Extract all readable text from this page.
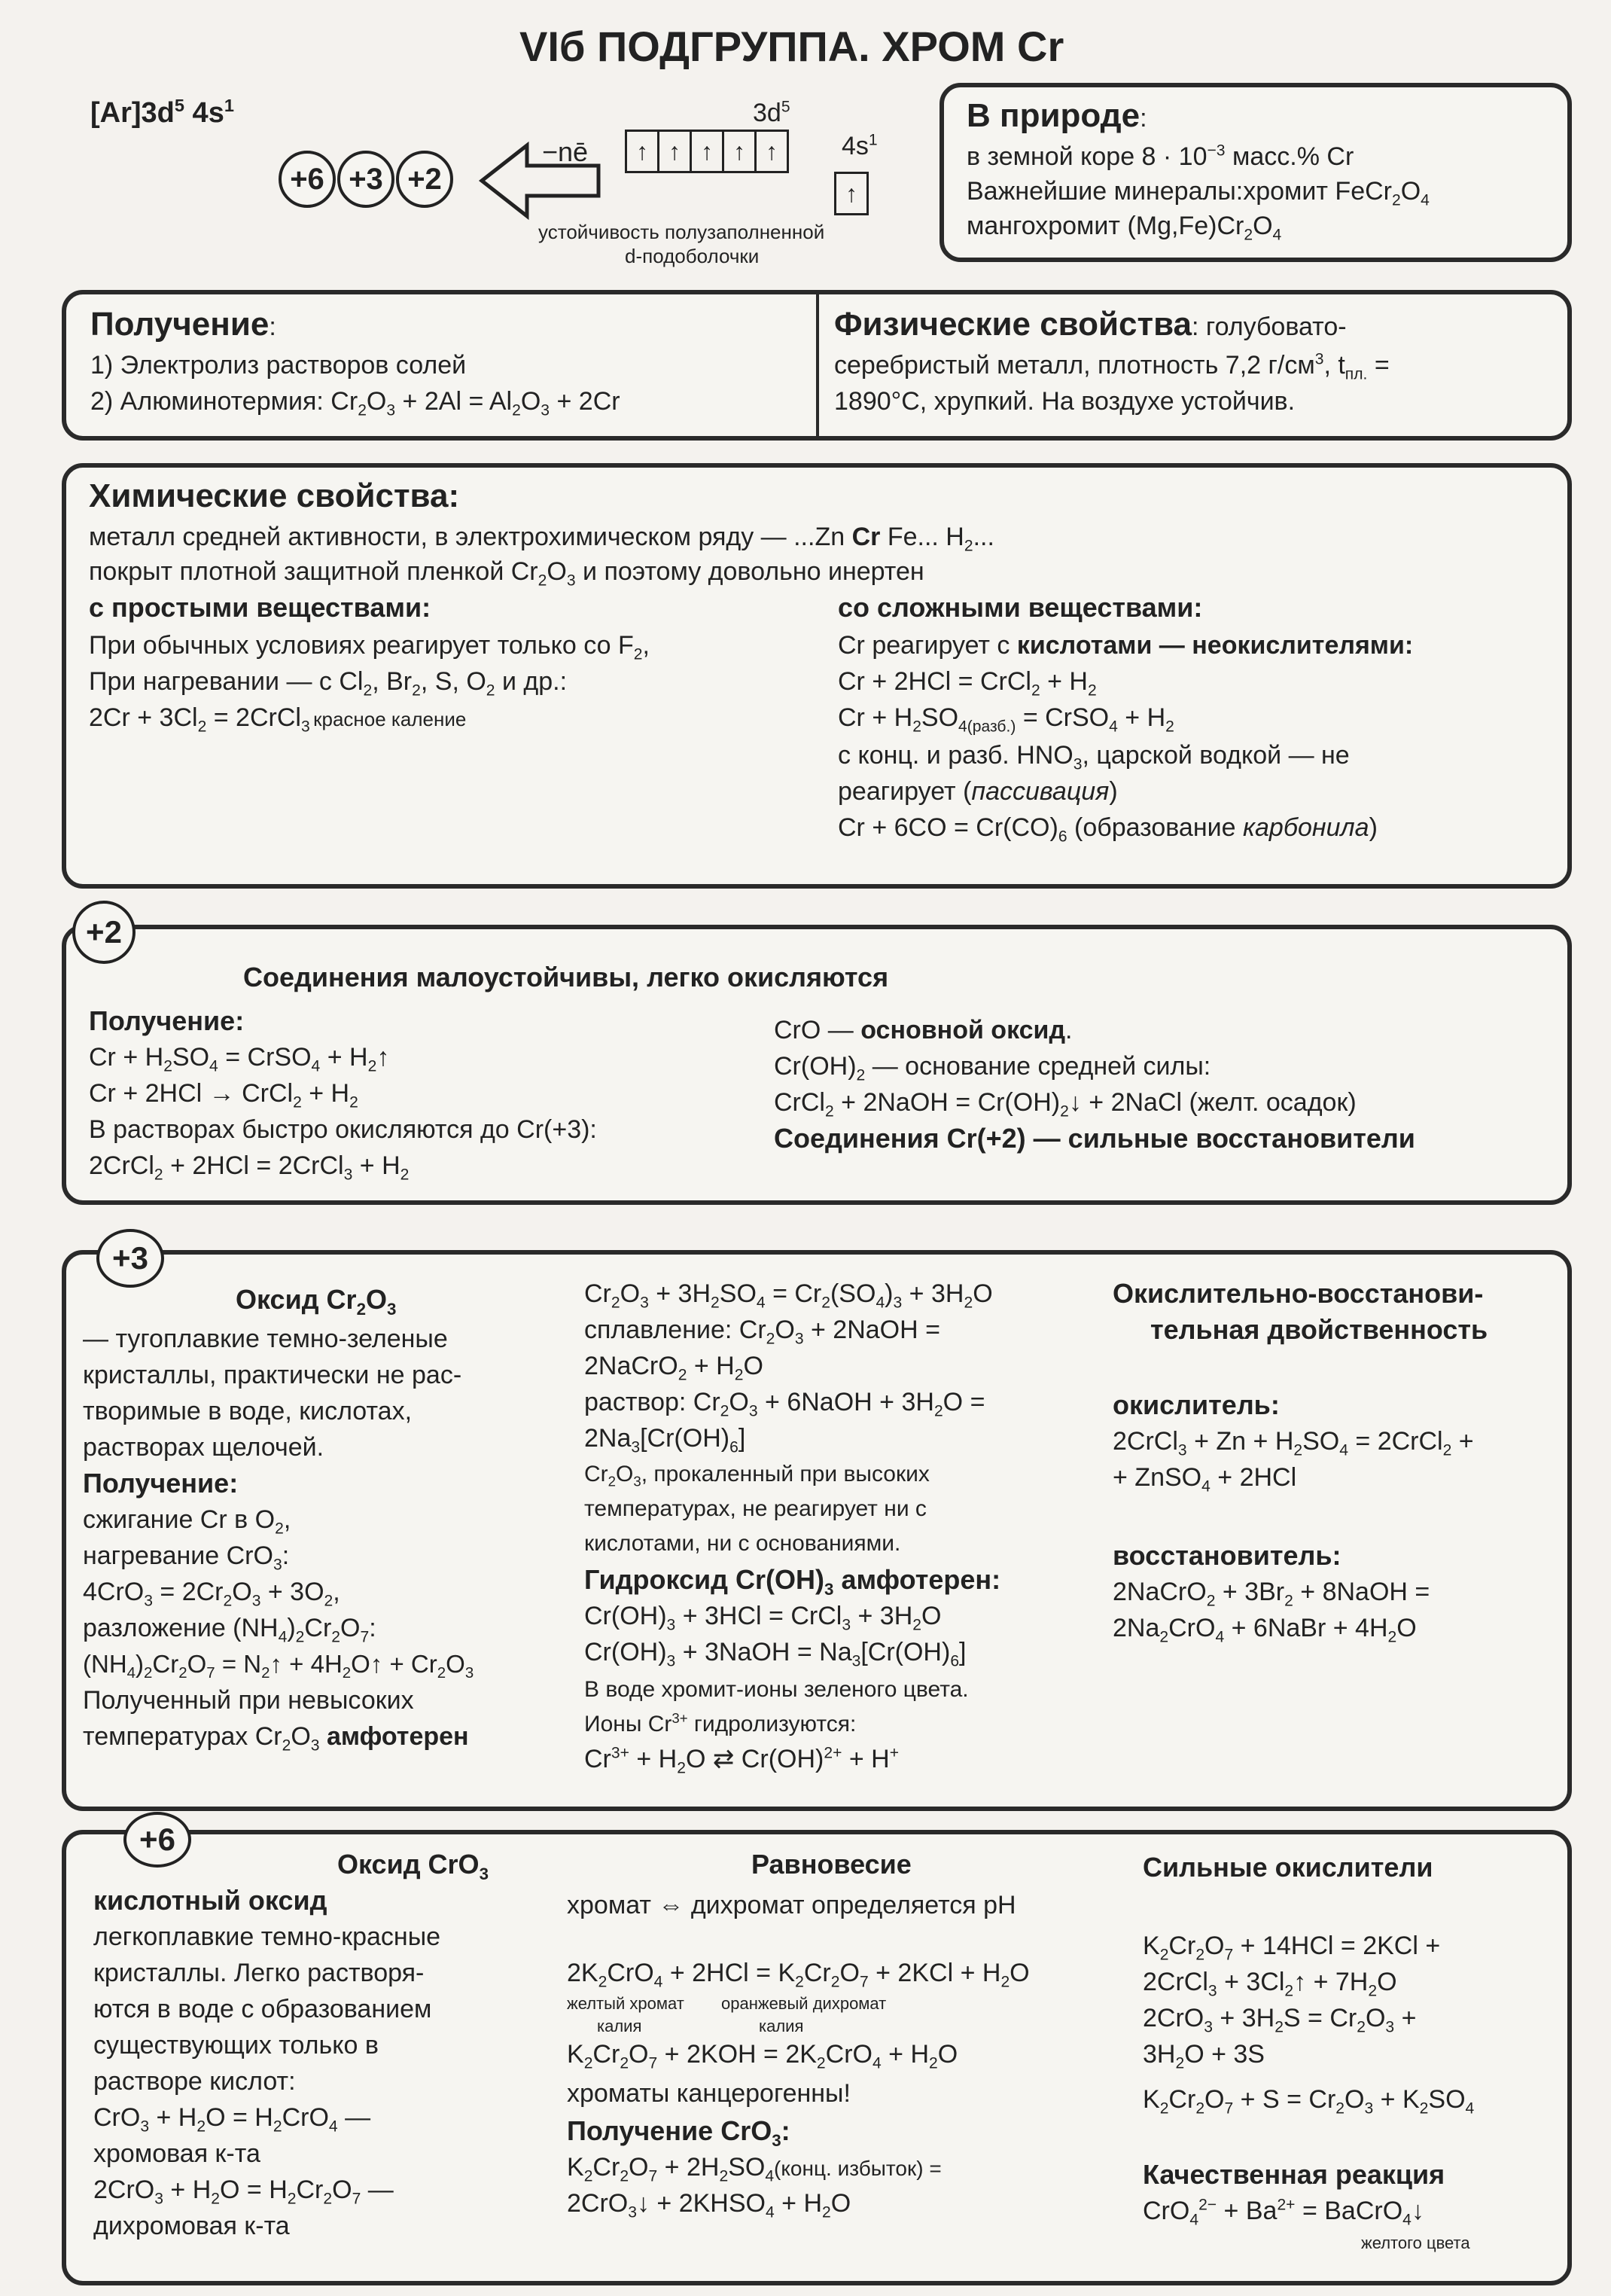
VIб ПОДГРУППА. ХРОМ Cr
$[Ar]3d^5$ $4s^1$
+6 +3 +2
−nē
$3d^5$
$4s^1$
↑ ↑ ↑ ↑ ↑
↑
устойчивость полузаполненной
d-подоболочки
В природе:
в земной коре $8 \cdot 10^{-3}$ масс.% Cr
Важнейшие минералы:хромит $FeCr_2O_4$
мангохромит $(Mg,Fe)Cr_2O_4$
Получение:
1) Электролиз растворов солей
2) Алюминотермия: $Cr_2O_3 + 2Al = Al_2O_3 + 2Cr$
Физические свойства: голубовато-
серебристый металл, плотность 7,2 $г/см^3$, $t_{пл.}$ =
1890°C, хрупкий. На воздухе устойчив.
Химические свойства:
металл средней активности, в электрохимическом ряду — ...Zn Cr Fe... $H_2$...
покрыт плотной защитной пленкой $Cr_2O_3$ и поэтому довольно инертен
с простыми веществами:
При обычных условиях реагирует только со $F_2$,
При нагревании — с $Cl_2$, $Br_2$, S, $O_2$ и др.:
$2Cr + 3Cl_2$ = 2CrCl$_3$ красное каление
со сложными веществами:
Cr реагирует с кислотами — неокислителями:
Cr + 2HCl = CrCl$_2$ + $H_2$
$Cr + H_2SO_{4(разб.)}$ = CrSO$_4$ + $H_2$
с конц. и разб. $HNO_3$, царской водкой — не
реагирует (пассивация)
$Cr + 6CO = Cr(CO)_6$ (образование карбонила)
Соединения малоустойчивы, легко окисляются
Получение:
$Cr + H_2SO_4$ = CrSO$_4$ + $H_2↑$
Cr + 2HCl → CrCl$_2$ + $H_2$
В растворах быстро окисляются до Cr(+3):
2CrCl$_2$ + 2HCl = 2CrCl$_3$ + $H_2$
CrO — основной оксид.
$Cr(OH)_2$ — основание средней силы:
CrCl$_2$ + 2NaOH = $Cr(OH)_2↓$ + 2NaCl (желт. осадок)
Соединения Cr(+2) — сильные восстановители
+2
Оксид $Cr_2O_3$
— тугоплавкие темно-зеленые
кристаллы, практически не рас-
творимые в воде, кислотах,
растворах щелочей.
Получение:
сжигание Cr в $O_2$,
нагревание CrO$_3$:
$4CrO_3 = 2Cr_2O_3 + 3O_2$,
разложение $(NH_4)_2Cr_2O_7$:
$(NH_4)_2Cr_2O_7$ = $N_2↑$ + $4H_2O↑ + Cr_2O_3$
Полученный при невысоких
температурах $Cr_2O_3$ амфотерен
$Cr_2O_3 + 3H_2SO_4 = Cr_2(SO_4)_3 + 3H_2O$
сплавление: $Cr_2O_3$ + 2NaOH =
2NaCrO$_2$ + $H_2O$
раствор: $Cr_2O_3$ + 6NaOH + $3H_2O$ =
$2Na_3[Cr(OH)_6]$
$Cr_2O_3$, прокаленный при высоких
температурах, не реагирует ни с
кислотами, ни с основаниями.
Гидроксид $Cr(OH)_3$ амфотерен:
$Cr(OH)_3 + 3HCl$ = CrCl$_3$ + $3H_2O$
$Cr(OH)_3$ + 3NaOH = $Na_3[Cr(OH)_6]$
В воде хромит-ионы зеленого цвета.
Ионы $Cr^{3+}$ гидролизуются:
$Cr^{3+} + H_2O$ ⇄ Cr(OH)$^{2+}$ + H+
Окислительно-восстанови-
тельная двойственность
окислитель:
2CrCl$_3$ + $Zn + H_2SO_4$ = 2CrCl$_2$ +
+ ZnSO$_4$ + 2HCl
восстановитель:
2NaCrO$_2$ + $3Br_2$ + 8NaOH =
$2Na_2CrO_4$ + 6NaBr + $4H_2O$
+3
Оксид CrO$_3$
кислотный оксид
легкоплавкие темно-красные
кристаллы. Легко растворя-
ются в воде с образованием
существующих только в
растворе кислот:
$CrO_3 + H_2O = H_2CrO_4$ —
хромовая к-та
$2CrO_3 + H_2O = H_2Cr_2O_7$ —
дихромовая к-та
Равновесие
хромат ⇔ дихромат определяется pH
$2K_2CrO_4 + 2HCl = K_2Cr_2O_7 + 2KCl + H_2O$
желтый хромат
калия
оранжевый дихромат
калия
$K_2Cr_2O_7 + 2KOH = 2K_2CrO_4 + H_2O$
хроматы канцерогенны!
Получение CrO$_3$:
$K_2Cr_2O_7$ + $2H_2SO_4(конц$. избыток) =
2CrO$_3$↓ + $2KHSO_4 + H_2O$
Сильные окислители
$K_2Cr_2O_7 + 14HCl = 2KCl$ +
2CrCl$_3$ + $3Cl_2↑ + 7H_2O$
$2CrO_3 + 3H_2S = Cr_2O_3$ +
$3H_2O + 3S$
$K_2Cr_2O_7 + S = Cr_2O_3 + K_2SO_4$
Качественная реакция
$CrO_4^{2-} + Ba^{2+}$ = BaCrO$_4$↓
желтого цвета
+6
